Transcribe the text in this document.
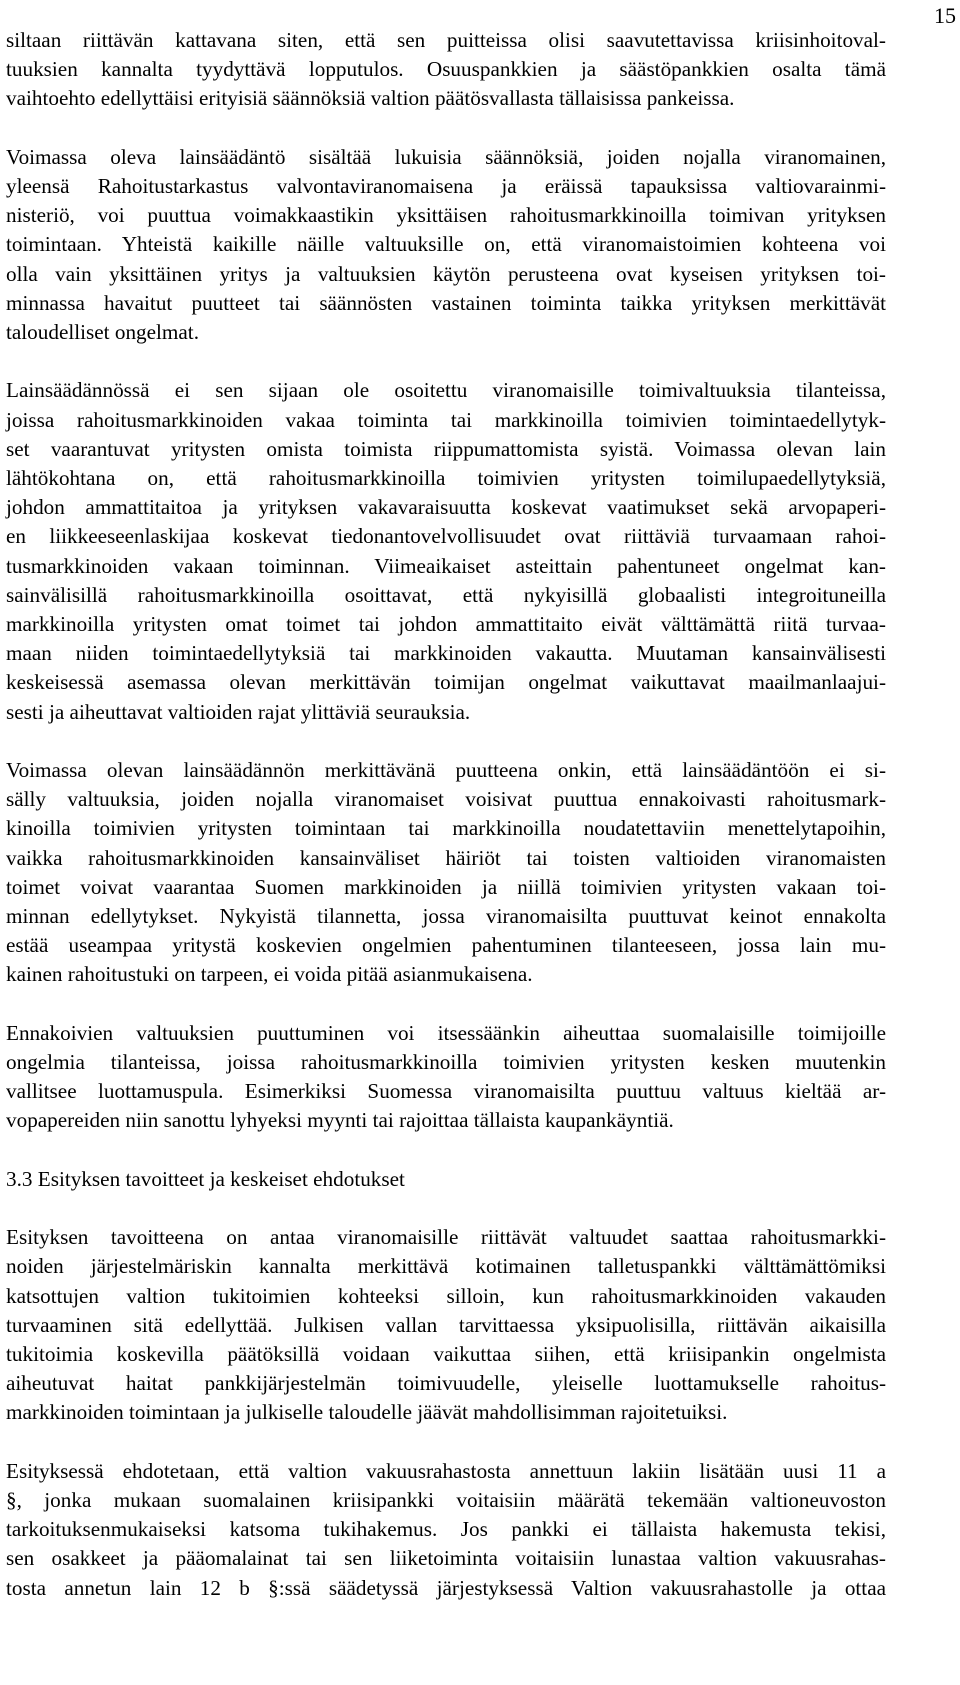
15

siltaan riittävän kattavana siten, että sen puitteissa olisi saavutettavissa kriisinhoitoval-
tuuksien kannalta tyydyttävä lopputulos. Osuuspankkien ja säästöpankkien osalta tämä
vaihtoehto edellyttäisi erityisiä säännöksiä valtion päätösvallasta tällaisissa pankeissa.

Voimassa oleva lainsäädäntö sisältää lukuisia säännöksiä, joiden nojalla viranomainen,
yleensä Rahoitustarkastus valvontaviranomaisena ja eräissä tapauksissa valtiovarainmi-
nisteriö, voi puuttua voimakkaastikin yksittäisen rahoitusmarkkinoilla toimivan yrityksen
toimintaan. Yhteistä kaikille näille valtuuksille on, että viranomaistoimien kohteena voi
olla vain yksittäinen yritys ja valtuuksien käytön perusteena ovat kyseisen yrityksen toi-
minnassa havaitut puutteet tai säännösten vastainen toiminta taikka yrityksen merkittävät
taloudelliset ongelmat.

Lainsäädännössä ei sen sijaan ole osoitettu viranomaisille toimivaltuuksia tilanteissa,
joissa rahoitusmarkkinoiden vakaa toiminta tai markkinoilla toimivien toimintaedellytyk-
set vaarantuvat yritysten omista toimista riippumattomista syistä. Voimassa olevan lain
lähtökohtana on, että rahoitusmarkkinoilla toimivien yritysten toimilupaedellytyksiä,
johdon ammattitaitoa ja yrityksen vakavaraisuutta koskevat vaatimukset sekä arvopaperi-
en liikkeeseenlaskijaa koskevat tiedonantovelvollisuudet ovat riittäviä turvaamaan rahoi-
tusmarkkinoiden vakaan toiminnan. Viimeaikaiset asteittain pahentuneet ongelmat kan-
sainvälisillä rahoitusmarkkinoilla osoittavat, että nykyisillä globaalisti integroituneilla
markkinoilla yritysten omat toimet tai johdon ammattitaito eivät välttämättä riitä turvaa-
maan niiden toimintaedellytyksiä tai markkinoiden vakautta. Muutaman kansainvälisesti
keskeisessä asemassa olevan merkittävän toimijan ongelmat vaikuttavat maailmanlaajui-
sesti ja aiheuttavat valtioiden rajat ylittäviä seurauksia.

Voimassa olevan lainsäädännön merkittävänä puutteena onkin, että lainsäädäntöön ei si-
sälly valtuuksia, joiden nojalla viranomaiset voisivat puuttua ennakoivasti rahoitusmark-
kinoilla toimivien yritysten toimintaan tai markkinoilla noudatettaviin menettelytapoihin,
vaikka rahoitusmarkkinoiden kansainväliset häiriöt tai toisten valtioiden viranomaisten
toimet voivat vaarantaa Suomen markkinoiden ja niillä toimivien yritysten vakaan toi-
minnan edellytykset. Nykyistä tilannetta, jossa viranomaisilta puuttuvat keinot ennakolta
estää useampaa yritystä koskevien ongelmien pahentuminen tilanteeseen, jossa lain mu-
kainen rahoitustuki on tarpeen, ei voida pitää asianmukaisena.

Ennakoivien valtuuksien puuttuminen voi itsessäänkin aiheuttaa suomalaisille toimijoille
ongelmia tilanteissa, joissa rahoitusmarkkinoilla toimivien yritysten kesken muutenkin
vallitsee luottamuspula. Esimerkiksi Suomessa viranomaisilta puuttuu valtuus kieltää ar-
vopapereiden niin sanottu lyhyeksi myynti tai rajoittaa tällaista kaupankäyntiä.

3.3 Esityksen tavoitteet ja keskeiset ehdotukset

Esityksen tavoitteena on antaa viranomaisille riittävät valtuudet saattaa rahoitusmarkki-
noiden järjestelmäriskin kannalta merkittävä kotimainen talletuspankki välttämättömiksi
katsottujen valtion tukitoimien kohteeksi silloin, kun rahoitusmarkkinoiden vakauden
turvaaminen sitä edellyttää. Julkisen vallan tarvittaessa yksipuolisilla, riittävän aikaisilla
tukitoimia koskevilla päätöksillä voidaan vaikuttaa siihen, että kriisipankin ongelmista
aiheutuvat haitat pankkijärjestelmän toimivuudelle, yleiselle luottamukselle rahoitus-
markkinoiden toimintaan ja julkiselle taloudelle jäävät mahdollisimman rajoitetuiksi.

Esityksessä ehdotetaan, että valtion vakuusrahastosta annettuun lakiin lisätään uusi 11 a
§, jonka mukaan suomalainen kriisipankki voitaisiin määrätä tekemään valtioneuvoston
tarkoituksenmukaiseksi katsoma tukihakemus. Jos pankki ei tällaista hakemusta tekisi,
sen osakkeet ja pääomalainat tai sen liiketoiminta voitaisiin lunastaa valtion vakuusrahas-
tosta annetun lain 12 b §:ssä säädetyssä järjestyksessä Valtion vakuusrahastolle ja ottaa
